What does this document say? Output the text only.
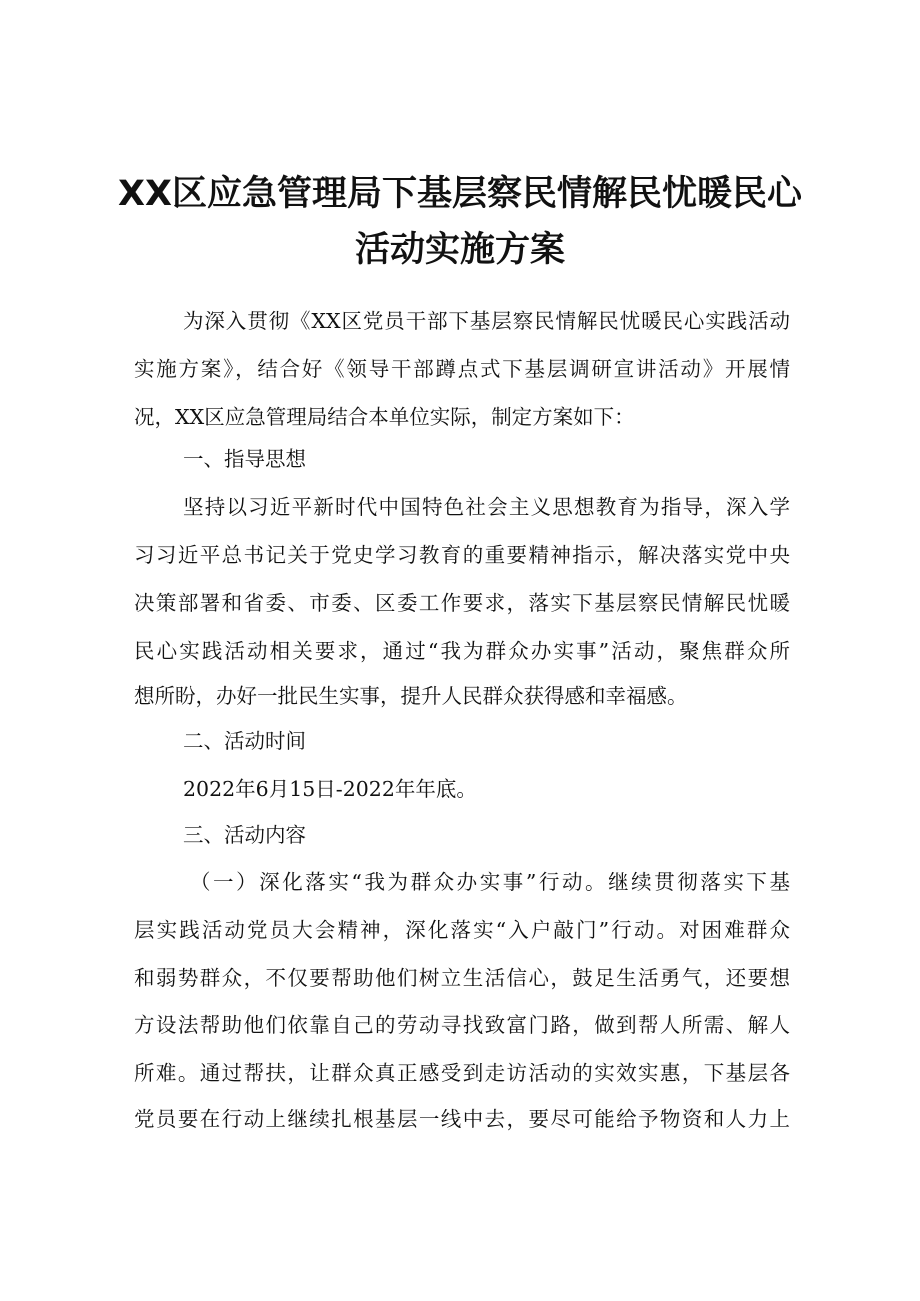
XX区应急管理局下基层察民情解民忧暖民心
活动实施方案
为深入贯彻《XX区党员干部下基层察民情解民忧暖民心实践活动
实施方案》，结合好《领导干部蹲点式下基层调研宣讲活动》开展情
况，XX区应急管理局结合本单位实际，制定方案如下：
一、指导思想
坚持以习近平新时代中国特色社会主义思想教育为指导，深入学
习习近平总书记关于党史学习教育的重要精神指示，解决落实党中央
决策部署和省委、市委、区委工作要求，落实下基层察民情解民忧暖
民心实践活动相关要求，通过“我为群众办实事”活动，聚焦群众所
想所盼，办好一批民生实事，提升人民群众获得感和幸福感。
二、活动时间
2022年6月15日-2022年年底。
三、活动内容
（一）深化落实“我为群众办实事”行动。继续贯彻落实下基
层实践活动党员大会精神，深化落实“入户敲门”行动。对困难群众
和弱势群众，不仅要帮助他们树立生活信心，鼓足生活勇气，还要想
方设法帮助他们依靠自己的劳动寻找致富门路，做到帮人所需、解人
所难。通过帮扶，让群众真正感受到走访活动的实效实惠，下基层各
党员要在行动上继续扎根基层一线中去，要尽可能给予物资和人力上
